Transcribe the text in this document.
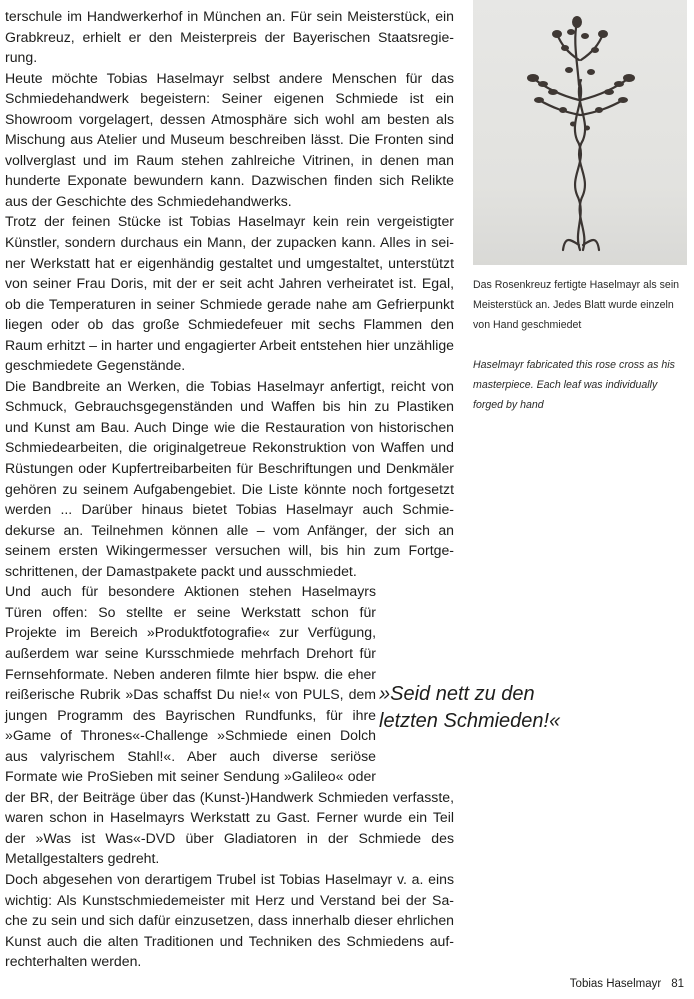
terschule im Handwerkerhof in München an. Für sein Meisterstück, ein Grabkreuz, erhielt er den Meisterpreis der Bayerischen Staatsregierung.

Heute möchte Tobias Haselmayr selbst andere Menschen für das Schmiedehandwerk begeistern: Seiner eigenen Schmiede ist ein Showroom vorgelagert, dessen Atmosphäre sich wohl am besten als Mischung aus Atelier und Museum beschreiben lässt. Die Fronten sind vollverglast und im Raum stehen zahlreiche Vitrinen, in denen man hunderte Exponate bewundern kann. Dazwischen finden sich Relikte aus der Geschichte des Schmiedehandwerks.

Trotz der feinen Stücke ist Tobias Haselmayr kein rein vergeistigter Künstler, sondern durchaus ein Mann, der zupacken kann. Alles in seiner Werkstatt hat er eigenhändig gestaltet und umgestaltet, unterstützt von seiner Frau Doris, mit der er seit acht Jahren verheiratet ist. Egal, ob die Temperaturen in seiner Schmiede gerade nahe am Gefrierpunkt liegen oder ob das große Schmiedefeuer mit sechs Flammen den Raum erhitzt – in harter und engagierter Arbeit entstehen hier unzählige geschmiedete Gegenstände.

Die Bandbreite an Werken, die Tobias Haselmayr anfertigt, reicht von Schmuck, Gebrauchsgegenständen und Waffen bis hin zu Plastiken und Kunst am Bau. Auch Dinge wie die Restauration von historischen Schmiedearbeiten, die originalgetreue Rekonstruktion von Waffen und Rüstungen oder Kupfertreibarbeiten für Beschriftungen und Denkmäler gehören zu seinem Aufgabengebiet. Die Liste könnte noch fortgesetzt werden ... Darüber hinaus bietet Tobias Haselmayr auch Schmiedekurse an. Teilnehmen können alle – vom Anfänger, der sich an seinem ersten Wikingermesser versuchen will, bis hin zum Fortgeschrittenen, der Damastpakete packt und ausschmiedet.

Und auch für besondere Aktionen stehen Haselmayrs Türen offen: So stellte er seine Werkstatt schon für Projekte im Bereich »Produktfotografie« zur Verfügung, außerdem war seine Kursschmiede mehrfach Drehort für Fernsehformate. Neben anderen filmte hier bspw. die eher reißerische Rubrik »Das schaffst Du nie!« von PULS, dem jungen Programm des Bayrischen Rundfunks, für ihre »Game of Thrones«-Challenge »Schmiede einen Dolch aus valyrischem Stahl!«. Aber auch diverse seriöse Formate wie ProSieben mit seiner Sendung »Galileo« oder der BR, der Beiträge über das (Kunst-)Handwerk Schmieden verfasste, waren schon in Haselmayrs Werkstatt zu Gast. Ferner wurde ein Teil der »Was ist Was«-DVD über Gladiatoren in der Schmiede des Metallgestalters gedreht.

Doch abgesehen von derartigem Trubel ist Tobias Haselmayr v. a. eins wichtig: Als Kunstschmiedemeister mit Herz und Verstand bei der Sache zu sein und sich dafür einzusetzen, dass innerhalb dieser ehrlichen Kunst auch die alten Traditionen und Techniken des Schmiedens aufrechterhalten werden.

Das Rosenkreuz fertigte Haselmayr als sein Meisterstück an. Jedes Blatt wurde einzeln von Hand geschmiedet
Haselmayr fabricated this rose cross as his masterpiece. Each leaf was individually forged by hand
»Seid nett zu den
letzten Schmieden!«
Tobias Haselmayr 81
